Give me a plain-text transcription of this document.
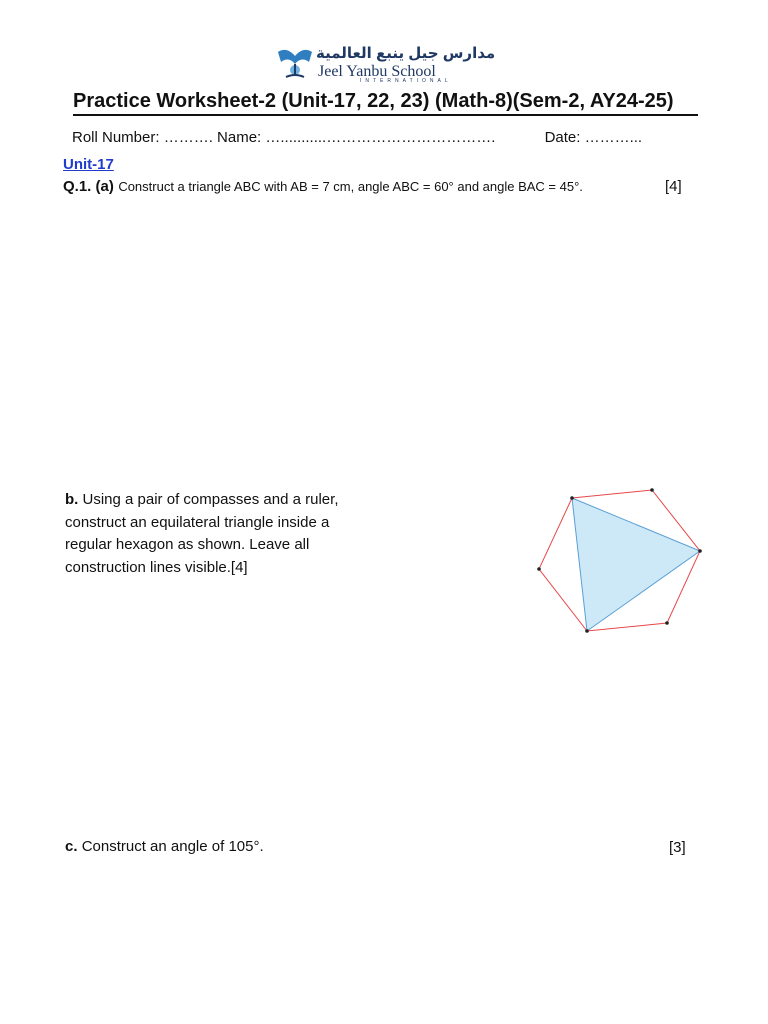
مدارس جيل ينبع العالمية
Jeel Yanbu School
INTERNATIONAL
Practice Worksheet-2 (Unit-17, 22, 23) (Math-8)(Sem-2, AY24-25)
Roll Number: ………. Name: …...........…………………………….	Date: ………...
Unit-17
Q.1. (a) Construct a triangle ABC with AB = 7 cm, angle ABC = 60° and angle BAC = 45°.	[4]
b. Using a pair of compasses and a ruler, construct an equilateral triangle inside a regular hexagon as shown. Leave all construction lines visible.[4]
c. Construct an angle of 105°.	[3]
